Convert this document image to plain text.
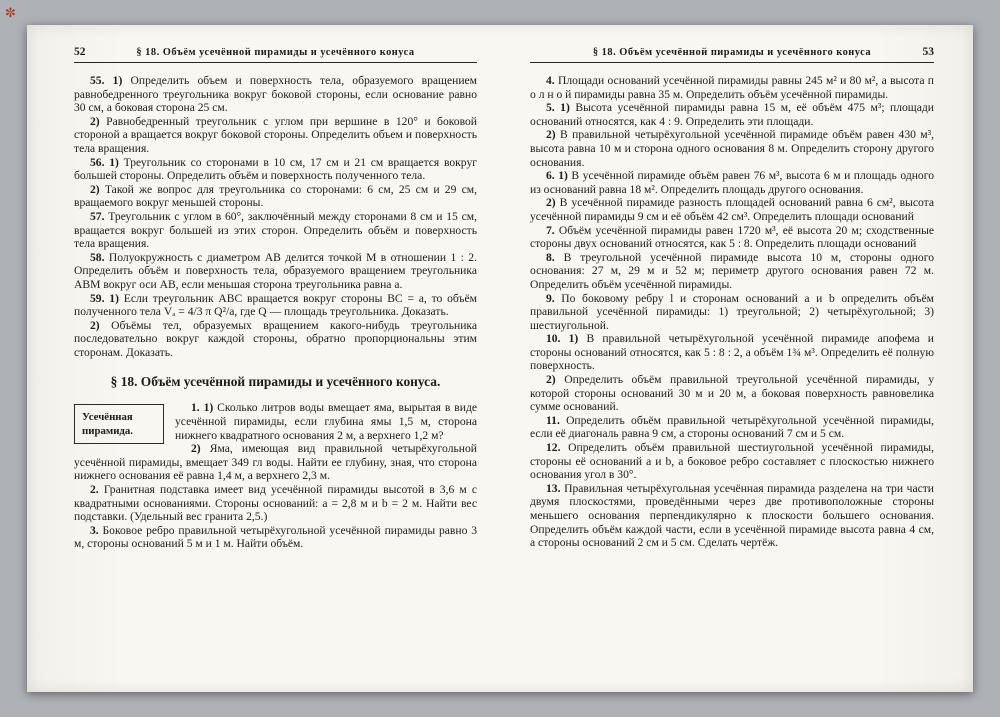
52	§ 18. Объём усечённой пирамиды и усечённого конуса

55. 1) Определить объем и поверхность тела, образуемого вращением равнобедренного треугольника вокруг боковой стороны, если основание равно 30 см, а боковая сторона 25 см.

2) Равнобедренный треугольник с углом при вершине в 120° и боковой стороной a вращается вокруг боковой стороны. Определить объем и поверхность тела вращения.

56. 1) Треугольник со сторонами в 10 см, 17 см и 21 см вращается вокруг большей стороны. Определить объём и поверхность полученного тела.

2) Такой же вопрос для треугольника со сторонами: 6 см, 25 см и 29 см, вращаемого вокруг меньшей стороны.

57. Треугольник с углом в 60°, заключённый между сторонами 8 см и 15 см, вращается вокруг большей из этих сторон. Определить объём и поверхность тела вращения.

58. Полуокружность с диаметром AB делится точкой M в отношении 1 : 2. Определить объём и поверхность тела, образуемого вращением треугольника ABM вокруг оси AB, если меньшая сторона треугольника равна a.

59. 1) Если треугольник ABC вращается вокруг стороны BC = a, то объём полученного тела Vₐ = 4/3 π Q²/a, где Q — площадь треугольника. Доказать.

2) Объёмы тел, образуемых вращением какого-нибудь треугольника последовательно вокруг каждой стороны, обратно пропорциональны этим сторонам. Доказать.

§ 18. Объём усечённой пирамиды и усечённого конуса.
Усечённая пирамида.

1. 1) Сколько литров воды вмещает яма, вырытая в виде усечённой пирамиды, если глубина ямы 1,5 м, сторона нижнего квадратного основания 2 м, а верхнего 1,2 м?

2) Яма, имеющая вид правильной четырёхугольной усечённой пирамиды, вмещает 349 гл воды. Найти ее глубину, зная, что сторона нижнего основания её равна 1,4 м, а верхнего 2,3 м.

2. Гранитная подставка имеет вид усечённой пирамиды высотой в 3,6 м с квадратными основаниями. Стороны оснований: a = 2,8 м и b = 2 м. Найти вес подставки. (Удельный вес гранита 2,5.)

3. Боковое ребро правильной четырёхугольной усечённой пирамиды равно 3 м, стороны оснований 5 м и 1 м. Найти объём.

§ 18. Объём усечённой пирамиды и усечённого конуса	53

4. Площади оснований усечённой пирамиды равны 245 м² и 80 м², а высота п о л н о й пирамиды равна 35 м. Определить объём усечённой пирамиды.

5. 1) Высота усечённой пирамиды равна 15 м, её объём 475 м³; площади оснований относятся, как 4 : 9. Определить эти площади.

2) В правильной четырёхугольной усечённой пирамиде объём равен 430 м³, высота равна 10 м и сторона одного основания 8 м. Определить сторону другого основания.

6. 1) В усечённой пирамиде объём равен 76 м³, высота 6 м и площадь одного из оснований равна 18 м². Определить площадь другого основания.

2) В усечённой пирамиде разность площадей оснований равна 6 см², высота усечённой пирамиды 9 см и её объём 42 см³. Определить площади оснований

7. Объём усечённой пирамиды равен 1720 м³, её высота 20 м; сходственные стороны двух оснований относятся, как 5 : 8. Определить площади оснований

8. В треугольной усечённой пирамиде высота 10 м, стороны одного основания: 27 м, 29 м и 52 м; периметр другого основания равен 72 м. Определить объём усечённой пирамиды.

9. По боковому ребру l и сторонам оснований a и b определить объём правильной усечённой пирамиды: 1) треугольной; 2) четырёхугольной; 3) шестиугольной.

10. 1) В правильной четырёхугольной усечённой пирамиде апофема и стороны оснований относятся, как 5 : 8 : 2, а объём 1¾ м³. Определить её полную поверхность.

2) Определить объём правильной треугольной усечённой пирамиды, у которой стороны оснований 30 м и 20 м, а боковая поверхность равновелика сумме оснований.

11. Определить объём правильной четырёхугольной усечённой пирамиды, если её диагональ равна 9 см, а стороны оснований 7 см и 5 см.

12. Определить объём правильной шестиугольной усечённой пирамиды, стороны её оснований a и b, а боковое ребро составляет с плоскостью нижнего основания угол в 30°.

13. Правильная четырёхугольная усечённая пирамида разделена на три части двумя плоскостями, проведёнными через две противоположные стороны меньшего основания перпендикулярно к плоскости большего основания. Определить объём каждой части, если в усечённой пирамиде высота равна 4 см, а стороны оснований 2 см и 5 см. Сделать чертёж.

✼
